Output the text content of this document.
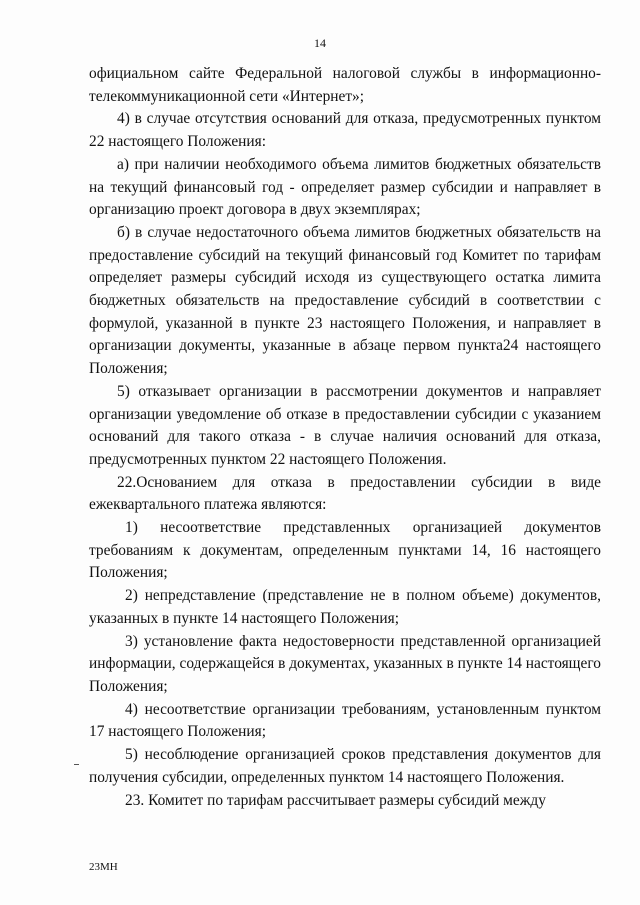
14

официальном сайте Федеральной налоговой службы в информационно-телекоммуникационной сети «Интернет»;

4) в случае отсутствия оснований для отказа, предусмотренных пунктом 22 настоящего Положения:

а) при наличии необходимого объема лимитов бюджетных обязательств на текущий финансовый год - определяет размер субсидии и направляет в организацию проект договора в двух экземплярах;

б) в случае недостаточного объема лимитов бюджетных обязательств на предоставление субсидий на текущий финансовый год Комитет по тарифам определяет размеры субсидий исходя из существующего остатка лимита бюджетных обязательств на предоставление субсидий в соответствии с формулой, указанной в пункте 23 настоящего Положения, и направляет в организации документы, указанные в абзаце первом пункта24 настоящего Положения;

5) отказывает организации в рассмотрении документов и направляет организации уведомление об отказе в предоставлении субсидии с указанием оснований для такого отказа - в случае наличия оснований для отказа, предусмотренных пунктом 22 настоящего Положения.

22.Основанием для отказа в предоставлении субсидии в виде ежеквартального платежа являются:

1) несоответствие представленных организацией документов требованиям к документам, определенным пунктами 14, 16 настоящего Положения;

2) непредставление (представление не в полном объеме) документов, указанных в пункте 14 настоящего Положения;

3) установление факта недостоверности представленной организацией информации, содержащейся в документах, указанных в пункте 14 настоящего Положения;

4) несоответствие организации требованиям, установленным пунктом 17 настоящего Положения;

5) несоблюдение организацией сроков представления документов для получения субсидии, определенных пунктом 14 настоящего Положения.

23. Комитет по тарифам рассчитывает размеры субсидий между

23МН
